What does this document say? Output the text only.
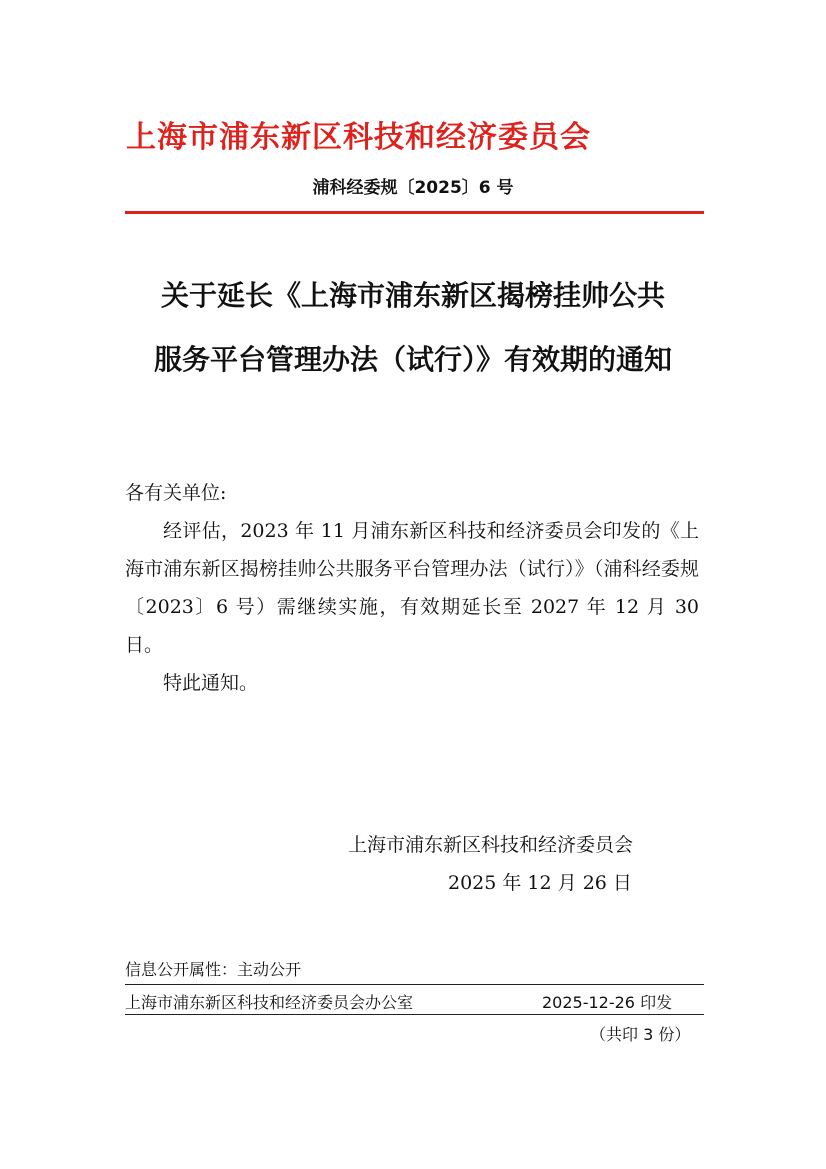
上海市浦东新区科技和经济委员会
浦科经委规〔2025〕6 号
关于延长《上海市浦东新区揭榜挂帅公共
服务平台管理办法（试行）》有效期的通知
各有关单位:
经评估，2023 年 11 月浦东新区科技和经济委员会印发的《上海市浦东新区揭榜挂帅公共服务平台管理办法（试行）》（浦科经委规〔2023〕6 号）需继续实施，有效期延长至 2027 年 12 月 30 日。
特此通知。
上海市浦东新区科技和经济委员会
2025 年 12 月 26 日
信息公开属性：主动公开
上海市浦东新区科技和经济委员会办公室	2025-12-26 印发
（共印 3 份）
